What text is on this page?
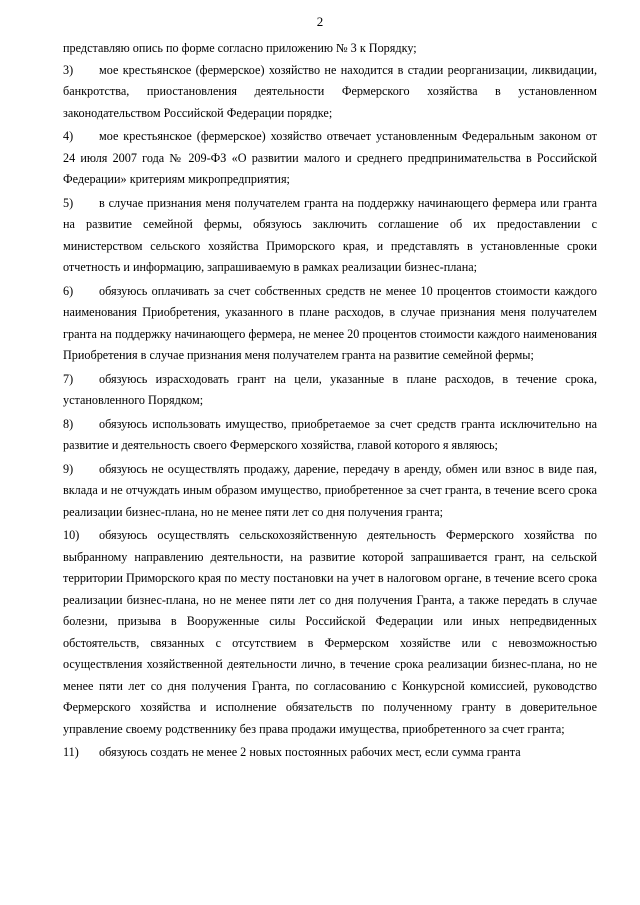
2

представляю опись по форме согласно приложению № 3 к Порядку;

3) мое крестьянское (фермерское) хозяйство не находится в стадии реорганизации, ликвидации, банкротства, приостановления деятельности Фермерского хозяйства в установленном законодательством Российской Федерации порядке;

4) мое крестьянское (фермерское) хозяйство отвечает установленным Федеральным законом от 24 июля 2007 года № 209-ФЗ «О развитии малого и среднего предпринимательства в Российской Федерации» критериям микропредприятия;

5) в случае признания меня получателем гранта на поддержку начинающего фермера или гранта на развитие семейной фермы, обязуюсь заключить соглашение об их предоставлении с министерством сельского хозяйства Приморского края, и представлять в установленные сроки отчетность и информацию, запрашиваемую в рамках реализации бизнес-плана;

6) обязуюсь оплачивать за счет собственных средств не менее 10 процентов стоимости каждого наименования Приобретения, указанного в плане расходов, в случае признания меня получателем гранта на поддержку начинающего фермера, не менее 20 процентов стоимости каждого наименования Приобретения в случае признания меня получателем гранта на развитие семейной фермы;

7) обязуюсь израсходовать грант на цели, указанные в плане расходов, в течение срока, установленного Порядком;

8) обязуюсь использовать имущество, приобретаемое за счет средств гранта исключительно на развитие и деятельность своего Фермерского хозяйства, главой которого я являюсь;

9) обязуюсь не осуществлять продажу, дарение, передачу в аренду, обмен или взнос в виде пая, вклада и не отчуждать иным образом имущество, приобретенное за счет гранта, в течение всего срока реализации бизнес-плана, но не менее пяти лет со дня получения гранта;

10) обязуюсь осуществлять сельскохозяйственную деятельность Фермерского хозяйства по выбранному направлению деятельности, на развитие которой запрашивается грант, на сельской территории Приморского края по месту постановки на учет в налоговом органе, в течение всего срока реализации бизнес-плана, но не менее пяти лет со дня получения Гранта, а также передать в случае болезни, призыва в Вооруженные силы Российской Федерации или иных непредвиденных обстоятельств, связанных с отсутствием в Фермерском хозяйстве или с невозможностью осуществления хозяйственной деятельности лично, в течение срока реализации бизнес-плана, но не менее пяти лет со дня получения Гранта, по согласованию с Конкурсной комиссией, руководство Фермерского хозяйства и исполнение обязательств по полученному гранту в доверительное управление своему родственнику без права продажи имущества, приобретенного за счет гранта;

11) обязуюсь создать не менее 2 новых постоянных рабочих мест, если сумма гранта
